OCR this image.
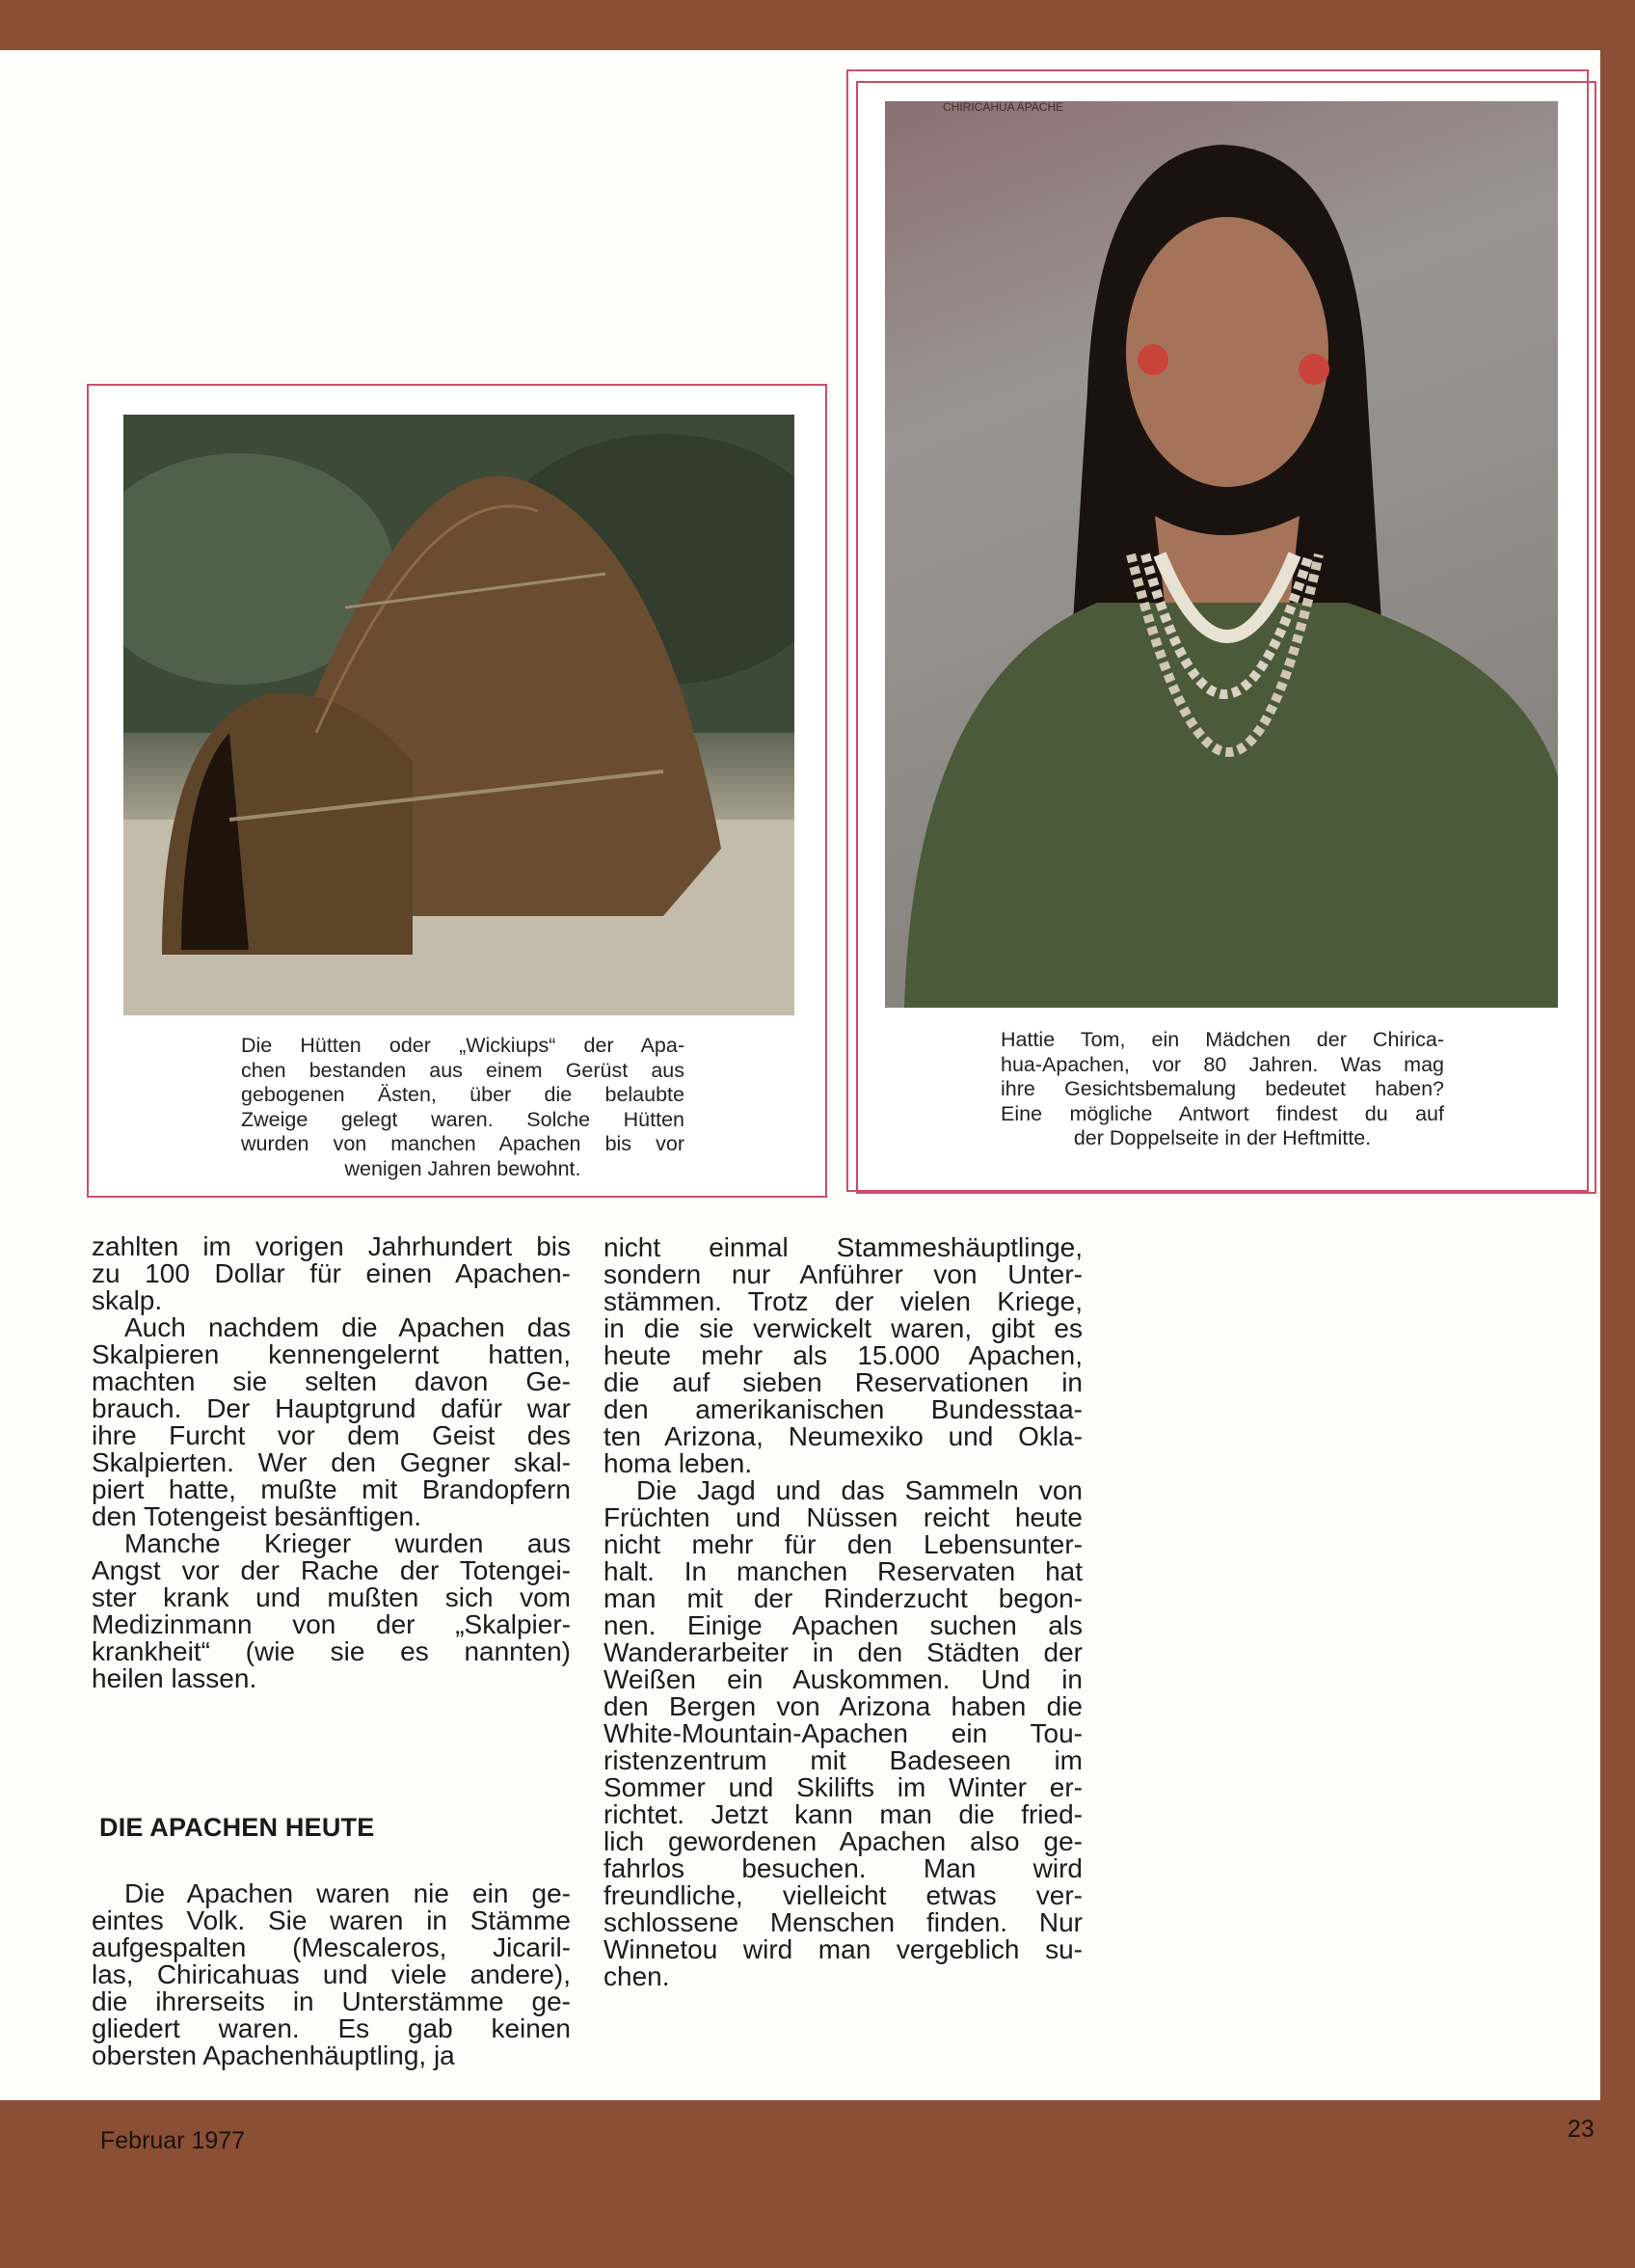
Die Hütten oder „Wickiups“ der Apa-
chen bestanden aus einem Gerüst aus
gebogenen Ästen, über die belaubte
Zweige gelegt waren. Solche Hütten
wurden von manchen Apachen bis vor
wenigen Jahren bewohnt.
CHIRICAHUA APACHE
Hattie Tom, ein Mädchen der Chirica-
hua-Apachen, vor 80 Jahren. Was mag
ihre Gesichtsbemalung bedeutet haben?
Eine mögliche Antwort findest du auf
der Doppelseite in der Heftmitte.
zahlten im vorigen Jahrhundert bis
zu 100 Dollar für einen Apachen-
skalp.
Auch nachdem die Apachen das
Skalpieren kennengelernt hatten,
machten sie selten davon Ge-
brauch. Der Hauptgrund dafür war
ihre Furcht vor dem Geist des
Skalpierten. Wer den Gegner skal-
piert hatte, mußte mit Brandopfern
den Totengeist besänftigen.
Manche Krieger wurden aus
Angst vor der Rache der Totengei-
ster krank und mußten sich vom
Medizinmann von der „Skalpier-
krankheit“ (wie sie es nannten)
heilen lassen.
DIE APACHEN HEUTE
Die Apachen waren nie ein ge-
eintes Volk. Sie waren in Stämme
aufgespalten (Mescaleros, Jicaril-
las, Chiricahuas und viele andere),
die ihrerseits in Unterstämme ge-
gliedert waren. Es gab keinen
obersten Apachenhäuptling, ja
nicht einmal Stammeshäuptlinge,
sondern nur Anführer von Unter-
stämmen. Trotz der vielen Kriege,
in die sie verwickelt waren, gibt es
heute mehr als 15.000 Apachen,
die auf sieben Reservationen in
den amerikanischen Bundesstaa-
ten Arizona, Neumexiko und Okla-
homa leben.
Die Jagd und das Sammeln von
Früchten und Nüssen reicht heute
nicht mehr für den Lebensunter-
halt. In manchen Reservaten hat
man mit der Rinderzucht begon-
nen. Einige Apachen suchen als
Wanderarbeiter in den Städten der
Weißen ein Auskommen. Und in
den Bergen von Arizona haben die
White-Mountain-Apachen ein Tou-
ristenzentrum mit Badeseen im
Sommer und Skilifts im Winter er-
richtet. Jetzt kann man die fried-
lich gewordenen Apachen also ge-
fahrlos besuchen. Man wird
freundliche, vielleicht etwas ver-
schlossene Menschen finden. Nur
Winnetou wird man vergeblich su-
chen.
Februar 1977	23
